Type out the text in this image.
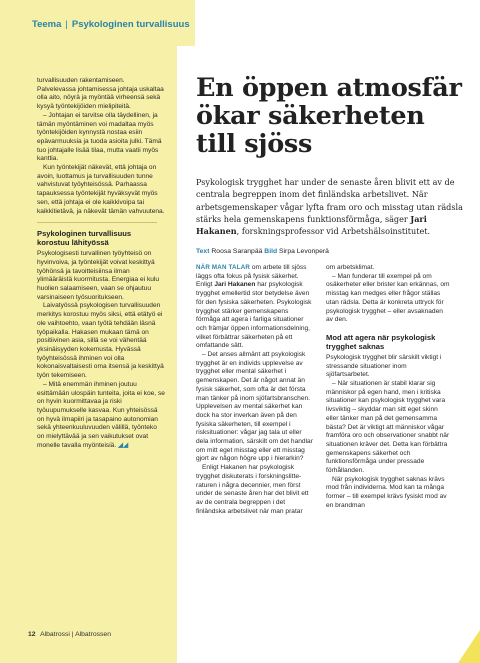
Teema | Psykologinen turvallisuus

turvallisuuden rakentamiseen. Palvelevassa johtamisessa johtaja uskaltaa olla aito, nöyrä ja myöntää virheensä sekä kysyä työntekijöiden mielipiteitä.

– Johtajan ei tarvitse olla täydellinen, ja tämän myöntäminen voi madaltaa myös työntekijöiden kynnystä nostaa esiin epävarmuuksia ja tuoda asioita julki. Tämä tuo johtajalle lisää tilaa, mutta vaatii myös kanttia.

Kun työntekijät näkevät, että johtaja on avoin, luottamus ja turvallisuuden tunne vahvistuvat työyhteisössä. Parhaassa tapauksessa työntekijät hyväksyvät myös sen, että johtaja ei ole kaikkivoipa tai kaikkitietävä, ja näkevät tämän vahvuutena.

Psykologinen turvallisuus korostuu lähityössä

Psykologisesti turvallinen työyhteisö on hyvinvoiva, ja työntekijät voivat keskittyä työhönsä ja tavoitteisiinsa ilman ylimääräistä kuormitusta. Energiaa ei kulu huolien salaamiseen, vaan se ohjautuu varsinaiseen työsuoritukseen.

Laivatyössä psykologisen turvallisuuden merkitys korostuu myös siksi, että etätyö ei ole vaihtoehto, vaan työtä tehdään läsnä työpaikalla. Hakasen mukaan tämä on positiivinen asia, sillä se voi vähentää yksinäisyyden kokemusta. Hyvässä työyhteisössä ihminen voi olla kokonaisvaltaisesti oma itsensä ja keskittyä työn tekemiseen.

– Mitä enemmän ihminen joutuu esittämään ulospäin tunteita, joita ei koe, se on hyvin kuormittavaa ja riski työuupumukselle kasvaa. Kun yhteisössä on hyvä ilmapiiri ja tasapaino autonomian sekä yhteenkuuluvuuden välillä, työnteko on mielyttävää ja sen vaikutukset ovat monelle tavalla myönteisiä. ◢◢

En öppen atmosfär ökar säkerheten till sjöss

Psykologisk trygghet har under de senaste åren blivit ett av de centrala begreppen inom det finländska arbetslivet. När arbetsgemenskaper vågar lyfta fram oro och misstag utan rädsla stärks hela gemenskapens funktionsförmåga, säger Jari Hakanen, forskningsprofessor vid Arbetshälsoinstitutet.

Text Roosa Saranpää Bild Sirpa Levonperä

NÄR MAN TALAR om arbete till sjöss läggs ofta fokus på fysisk säkerhet. Enligt Jari Hakanen har psykologisk trygghet emellertid stor betydelse även för den fysiska säkerheten. Psykologisk trygghet stärker gemenskapens förmåga att agera i farliga situationer och främjar öppen informationsdelning, vilket förbättrar säkerheten på ett omfattande sätt.

– Det anses allmänt att psykologisk trygghet är en individs upplevelse av trygghet eller mental säkerhet i gemenskapen. Det är något annat än fysisk säkerhet, som ofta är det första man tänker på inom sjöfartsbranschen. Upplevelsen av mental säkerhet kan dock ha stor inverkan även på den fysiska säkerheten, till exempel i risksituationer: vågar jag tala ut eller dela information, särskilt om det handlar om mitt eget misstag eller ett misstag gjort av någon högre upp i hierarkin?

Enligt Hakanen har psykologisk trygghet diskuterats i forskningslitteraturen i några decennier, men först under de senaste åren har det blivit ett av de centrala begreppen i det finländska arbetslivet när man pratar

om arbetsklimat.

– Man funderar till exempel på om osäkerheter eller brister kan erkännas, om misstag kan medges eller frågor ställas utan rädsla. Detta är konkreta uttryck för psykologisk trygghet – eller avsaknaden av den.

Mod att agera när psykologisk trygghet saknas

Psykologisk trygghet blir särskilt viktigt i stressande situationer inom sjöfartsarbetet.

– När situationen är stabil klarar sig människor på egen hand, men i kritiska situationer kan psykologisk trygghet vara livsviktig – skyddar man sitt eget skinn eller tänker man på det gemensamma bästa? Det är viktigt att människor vågar framföra oro och observationer snabbt när situationen kräver det. Detta kan förbättra gemenskapens säkerhet och funktionsförmåga under pressade förhållanden.

När psykologisk trygghet saknas krävs mod från individerna. Mod kan ta många former – till exempel krävs fysiskt mod av en brandman

12 Albatrossi | Albatrossen
